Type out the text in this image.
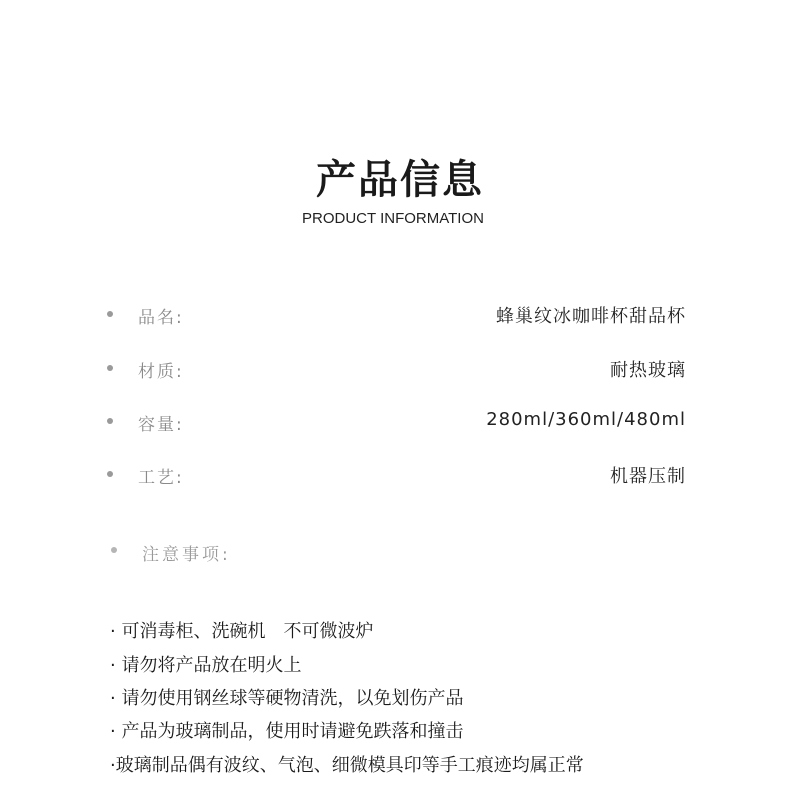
产品信息
PRODUCT INFORMATION
品名:	蜂巢纹冰咖啡杯甜品杯
材质:	耐热玻璃
容量:	280ml/360ml/480ml
工艺:	机器压制
注意事项:
· 可消毒柜、洗碗机　不可微波炉
· 请勿将产品放在明火上
· 请勿使用钢丝球等硬物清洗，以免划伤产品
· 产品为玻璃制品，使用时请避免跌落和撞击
·玻璃制品偶有波纹、气泡、细微模具印等手工痕迹均属正常
